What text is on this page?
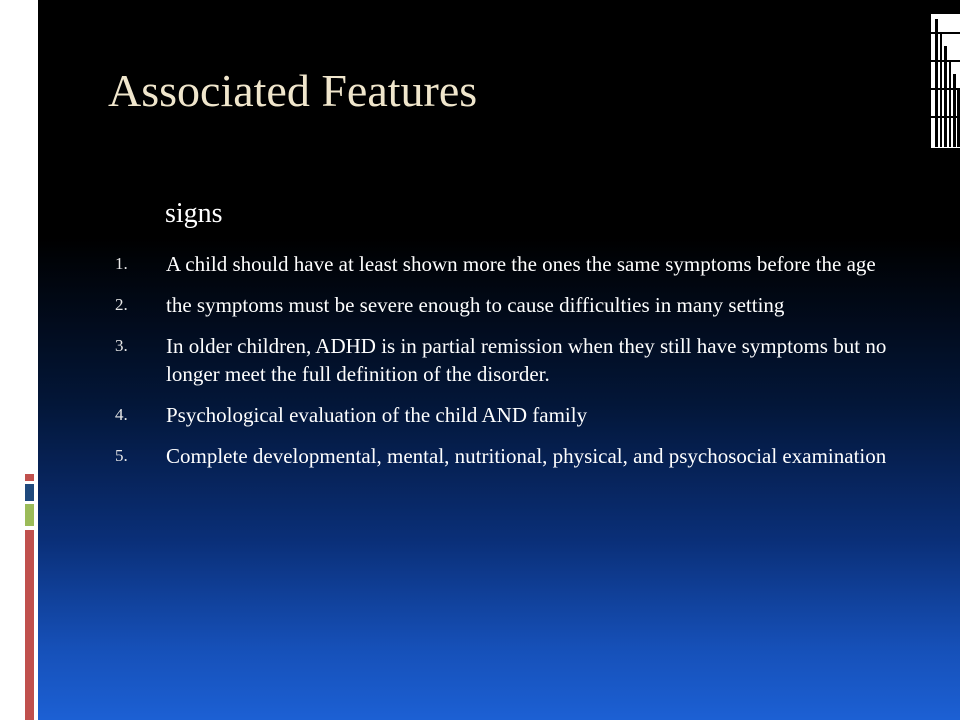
Associated Features
signs
1. A child should have at least shown more the ones the same symptoms before the age
2. the symptoms must be severe enough to cause difficulties in many setting
3. In older children, ADHD is in partial remission when they still have symptoms but no longer meet the full definition of the disorder.
4. Psychological evaluation of the child AND family
5. Complete developmental, mental, nutritional, physical, and psychosocial examination
